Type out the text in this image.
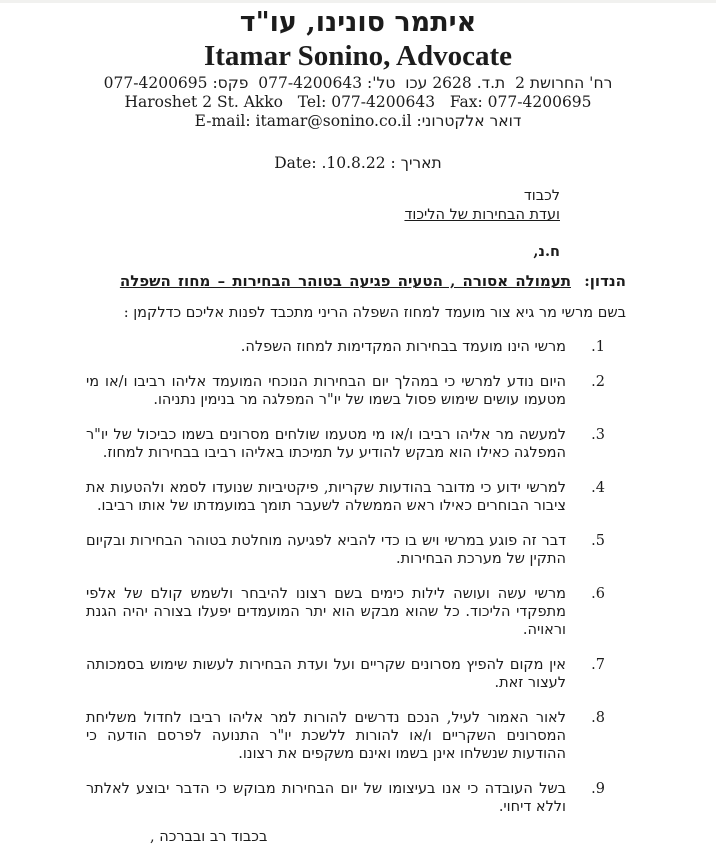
איתמר סונינו, עו"ד
Itamar Sonino, Advocate
רח' החרושת 2  ת.ד. 2628 עכו  טל': 077-4200643  פקס: 077-4200695
Haroshet 2 St. Akko   Tel: 077-4200643   Fax: 077-4200695
E-mail: itamar@sonino.co.il :דואר אלקטרוני
Date: .10.8.22 : תאריך
לכבוד
ועדת הבחירות של הליכוד
ח.נ,
הנדון: תעמולה אסורה , הטעיה פגיעה בטוהר הבחירות – מחוז השפלה
בשם מרשי מר גיא צור מועמד למחוז השפלה הריני מתכבד לפנות אליכם כדלקמן :
1.
מרשי הינו מועמד בבחירות המקדימות למחוז השפלה.
2.
היום נודע למרשי כי במהלך יום הבחירות הנוכחי המועמד אליהו רביבו ו/או מי מטעמו עושים שימוש פסול בשמו של יו"ר המפלגה מר בנימין נתניהו.
3.
למעשה מר אליהו רביבו ו/או מי מטעמו שולחים מסרונים בשמו כביכול של יו"ר המפלגה כאילו הוא מבקש להודיע על תמיכתו באליהו רביבו בבחירות למחוז.
4.
למרשי ידוע כי מדובר בהודעות שקריות, פיקטיביות שנועדו לסמא ולהטעות את ציבור הבוחרים כאילו ראש הממשלה לשעבר תומך במועמדתו של אותו רביבו.
5.
דבר זה פוגע במרשי ויש בו כדי להביא לפגיעה מוחלטת בטוהר הבחירות ובקיום התקין של מערכת הבחירות.
6.
מרשי עשה ועושה לילות כימים בשם רצונו להיבחר ולשמש קולם של אלפי מתפקדי הליכוד. כל שהוא מבקש הוא יתר המועמדים יפעלו בצורה יהיה הגנת וראויה.
7.
אין מקום להפיץ מסרונים שקריים ועל ועדת הבחירות לעשות שימוש בסמכותה לעצור זאת.
8.
לאור האמור לעיל, הנכם נדרשים להורות למר אליהו רביבו לחדול משליחת המסרונים השקריים ו/או להורות ללשכת יו"ר התנועה לפרסם הודעה כי ההודעות שנשלחו אינן בשמו ואינם משקפים את רצונו.
9.
בשל העובדה כי אנו בעיצומו של יום הבחירות מבוקש כי הדבר יבוצע לאלתר וללא דיחוי.
בכבוד רב ובברכה ,
